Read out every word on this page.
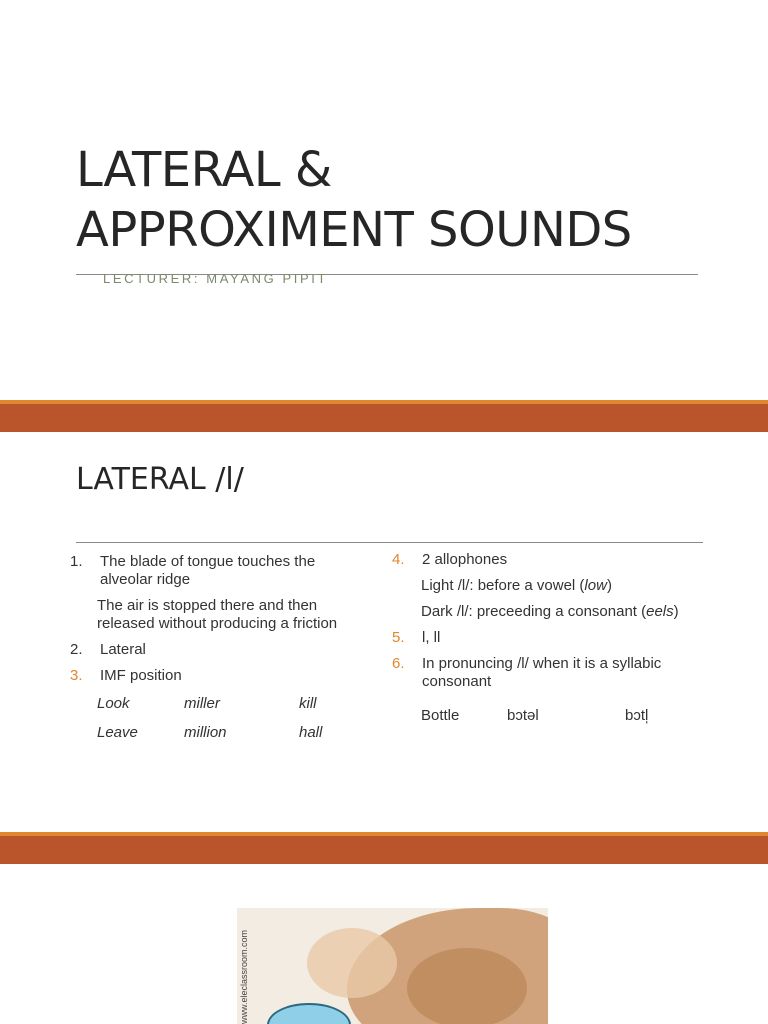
LATERAL &
APPROXIMENT SOUNDS

LECTURER: MAYANG PIPIT

LATERAL /l/
1. The blade of tongue touches the alveolar ridge
The air is stopped there and then released without producing a friction
2. Lateral
3. IMF position
Look	miller	kill
Leave	million	hall
4. 2 allophones
Light /l/: before a vowel (low)
Dark /l/: preceeding a consonant (eels)
5. l, ll
6. In pronuncing /l/ when it is a syllabic consonant
Bottle	bɔtəl	bɔtl̩
www.eleclassroom.com
